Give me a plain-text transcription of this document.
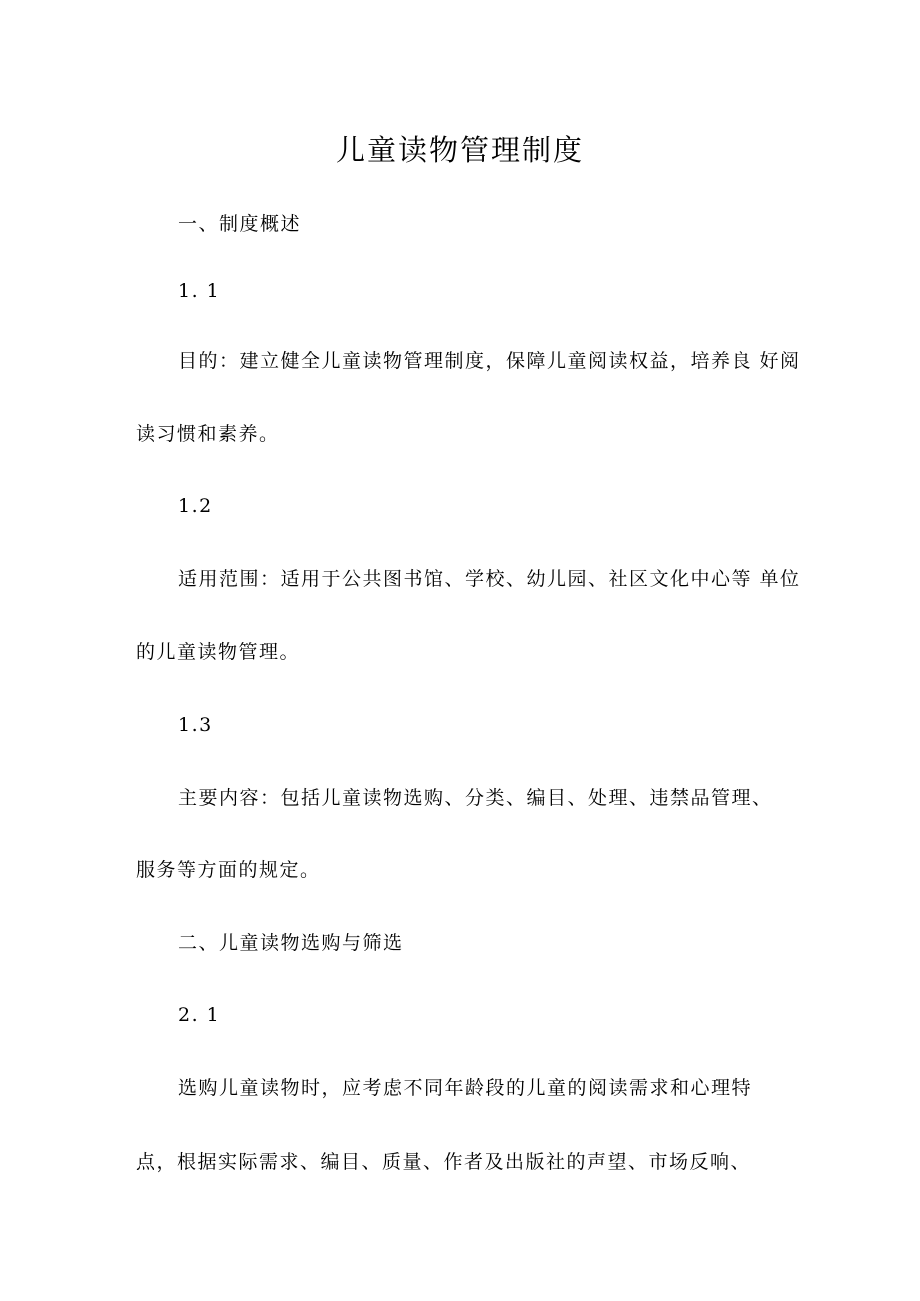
儿童读物管理制度
一、制度概述
1. 1
目的：建立健全儿童读物管理制度，保障儿童阅读权益，培养良 好阅
读习惯和素养。
1.2
适用范围：适用于公共图书馆、学校、幼儿园、社区文化中心等 单位
的儿童读物管理。
1.3
主要内容：包括儿童读物选购、分类、编目、处理、违禁品管理、
服务等方面的规定。
二、儿童读物选购与筛选
2. 1
选购儿童读物时，应考虑不同年龄段的儿童的阅读需求和心理特
点，根据实际需求、编目、质量、作者及出版社的声望、市场反响、
